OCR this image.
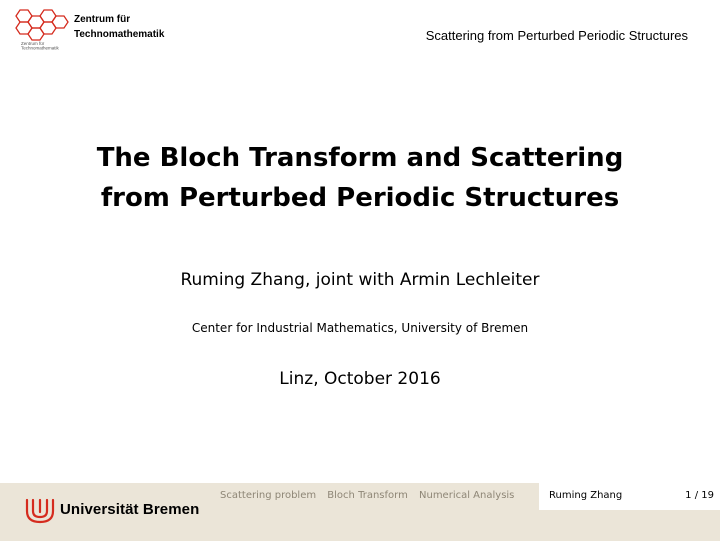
Zentrum für
Technomathematik
Zentrum für
Technomathematik	Scattering from Perturbed Periodic Structures
The Bloch Transform and Scattering
from Perturbed Periodic Structures
Ruming Zhang, joint with Armin Lechleiter
Center for Industrial Mathematics, University of Bremen
Linz, October 2016
Universität Bremen
Scattering problem Bloch Transform Numerical Analysis	Ruming Zhang	1 / 19
